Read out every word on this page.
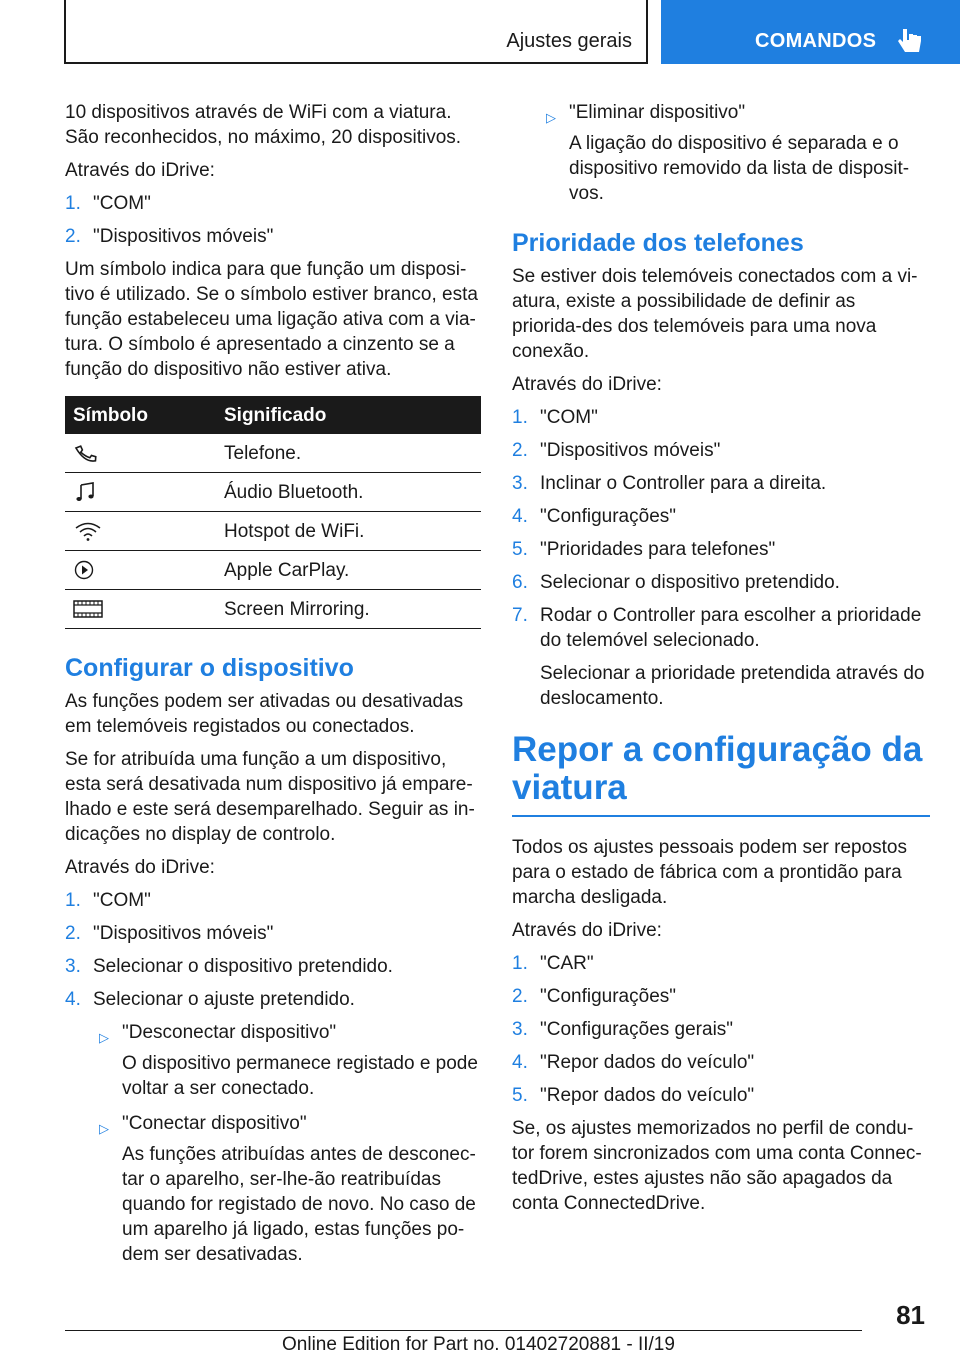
Ajustes gerais	COMANDOS

10 dispositivos através de WiFi com a viatura. São reconhecidos, no máximo, 20 dispositivos.

Através do iDrive:

1. "COM"
2. "Dispositivos móveis"

Um símbolo indica para que função um disposi-tivo é utilizado. Se o símbolo estiver branco, esta função estabeleceu uma ligação ativa com a via-tura. O símbolo é apresentado a cinzento se a função do dispositivo não estiver ativa.

Símbolo	Significado
	Telefone.
	Áudio Bluetooth.
	Hotspot de WiFi.
	Apple CarPlay.
	Screen Mirroring.
Configurar o dispositivo

As funções podem ser ativadas ou desativadas em telemóveis registados ou conectados.

Se for atribuída uma função a um dispositivo, esta será desativada num dispositivo já empare-lhado e este será desemparelhado. Seguir as in-dicações no display de controlo.

Através do iDrive:

1. "COM"
2. "Dispositivos móveis"
3. Selecionar o dispositivo pretendido.
4. Selecionar o ajuste pretendido.
▷ "Desconectar dispositivo"

O dispositivo permanece registado e pode voltar a ser conectado.

▷ "Conectar dispositivo"

As funções atribuídas antes de desconec-tar o aparelho, ser-lhe-ão reatribuídas quando for registado de novo. No caso de um aparelho já ligado, estas funções po-dem ser desativadas.

▷ "Eliminar dispositivo"

A ligação do dispositivo é separada e o dispositivo removido da lista de disposit-vos.

Prioridade dos telefones

Se estiver dois telemóveis conectados com a vi-atura, existe a possibilidade de definir as priorida-des dos telemóveis para uma nova conexão.

Através do iDrive:

1. "COM"
2. "Dispositivos móveis"
3. Inclinar o Controller para a direita.
4. "Configurações"
5. "Prioridades para telefones"
6. Selecionar o dispositivo pretendido.
7. Rodar o Controller para escolher a prioridade do telemóvel selecionado.

Selecionar a prioridade pretendida através do deslocamento.

Repor a configuração da viatura

Todos os ajustes pessoais podem ser repostos para o estado de fábrica com a prontidão para marcha desligada.

Através do iDrive:

1. "CAR"
2. "Configurações"
3. "Configurações gerais"
4. "Repor dados do veículo"
5. "Repor dados do veículo"

Se, os ajustes memorizados no perfil de condu-tor forem sincronizados com uma conta Connec-tedDrive, estes ajustes não são apagados da conta ConnectedDrive.

81
Online Edition for Part no. 01402720881 - II/19
